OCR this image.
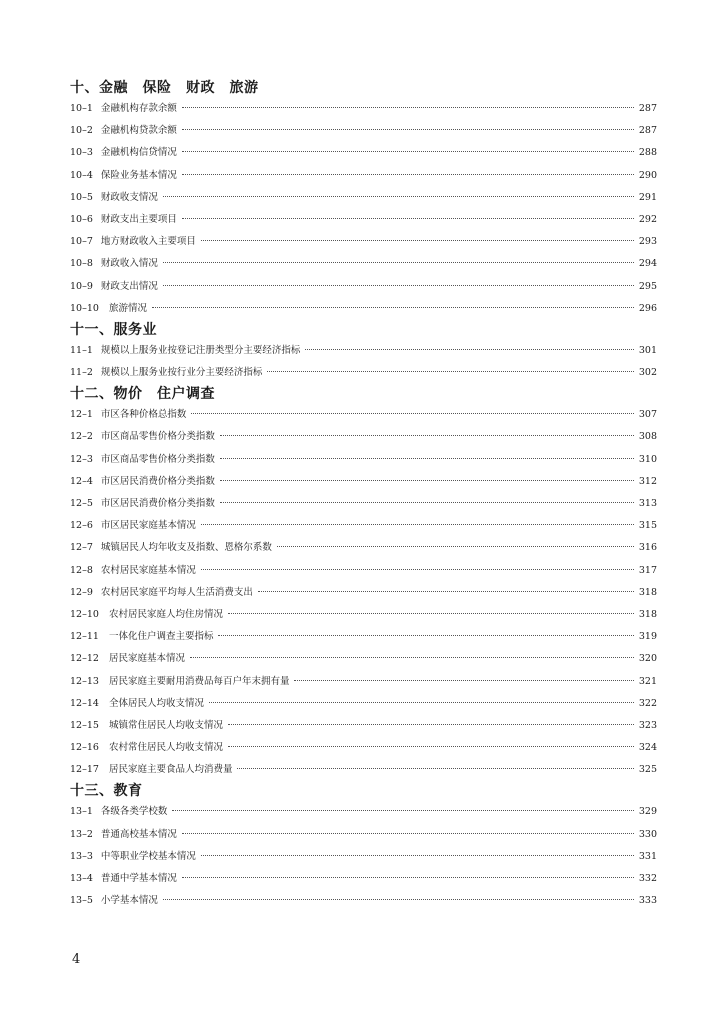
十、金融　保险　财政　旅游
10–1 金融机构存款余额	287
10–2 金融机构贷款余额	287
10–3 金融机构信贷情况	288
10–4 保险业务基本情况	290
10–5 财政收支情况	291
10–6 财政支出主要项目	292
10–7 地方财政收入主要项目	293
10–8 财政收入情况	294
10–9 财政支出情况	295
10–10 旅游情况	296
十一、服务业
11–1 规模以上服务业按登记注册类型分主要经济指标	301
11–2 规模以上服务业按行业分主要经济指标	302
十二、物价　住户调查
12–1 市区各种价格总指数	307
12–2 市区商品零售价格分类指数	308
12–3 市区商品零售价格分类指数	310
12–4 市区居民消费价格分类指数	312
12–5 市区居民消费价格分类指数	313
12–6 市区居民家庭基本情况	315
12–7 城镇居民人均年收支及指数、恩格尔系数	316
12–8 农村居民家庭基本情况	317
12–9 农村居民家庭平均每人生活消费支出	318
12–10 农村居民家庭人均住房情况	318
12–11 一体化住户调查主要指标	319
12–12 居民家庭基本情况	320
12–13 居民家庭主要耐用消费品每百户年末拥有量	321
12–14 全体居民人均收支情况	322
12–15 城镇常住居民人均收支情况	323
12–16 农村常住居民人均收支情况	324
12–17 居民家庭主要食品人均消费量	325
十三、教育
13–1 各级各类学校数	329
13–2 普通高校基本情况	330
13–3 中等职业学校基本情况	331
13–4 普通中学基本情况	332
13–5 小学基本情况	333
4
